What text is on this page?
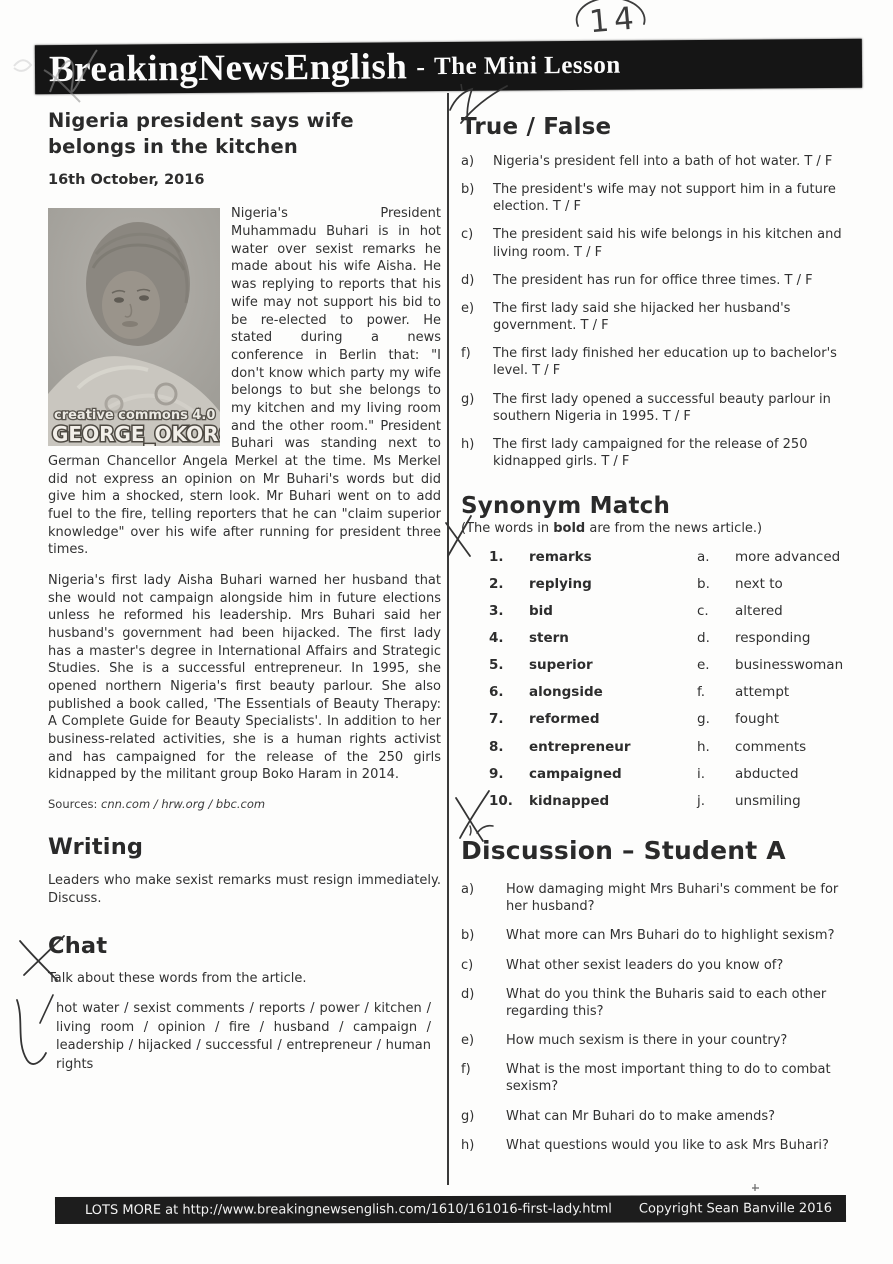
BreakingNewsEnglish - The Mini Lesson
Nigeria president says wife belongs in the kitchen
16th October, 2016
creative commons 4.0
GEORGE_OKORO

Nigeria's President Muhammadu Buhari is in hot water over sexist remarks he made about his wife Aisha. He was replying to reports that his wife may not support his bid to be re-elected to power. He stated during a news conference in Berlin that: "I don't know which party my wife belongs to but she belongs to my kitchen and my living room and the other room." President Buhari was standing next to German Chancellor Angela Merkel at the time. Ms Merkel did not express an opinion on Mr Buhari's words but did give him a shocked, stern look. Mr Buhari went on to add fuel to the fire, telling reporters that he can "claim superior knowledge" over his wife after running for president three times.

Nigeria's first lady Aisha Buhari warned her husband that she would not campaign alongside him in future elections unless he reformed his leadership. Mrs Buhari said her husband's government had been hijacked. The first lady has a master's degree in International Affairs and Strategic Studies. She is a successful entrepreneur. In 1995, she opened northern Nigeria's first beauty parlour. She also published a book called, 'The Essentials of Beauty Therapy: A Complete Guide for Beauty Specialists'. In addition to her business-related activities, she is a human rights activist and has campaigned for the release of the 250 girls kidnapped by the militant group Boko Haram in 2014.

Sources: cnn.com / hrw.org / bbc.com
Writing

Leaders who make sexist remarks must resign immediately. Discuss.

Chat

Talk about these words from the article.

hot water / sexist comments / reports / power / kitchen / living room / opinion / fire / husband / campaign / leadership / hijacked / successful / entrepreneur / human rights

True / False
a)	Nigeria's president fell into a bath of hot water. T / F
b)	The president's wife may not support him in a future election. T / F
c)	The president said his wife belongs in his kitchen and living room. T / F
d)	The president has run for office three times. T / F
e)	The first lady said she hijacked her husband's government. T / F
f)	The first lady finished her education up to bachelor's level. T / F
g)	The first lady opened a successful beauty parlour in southern Nigeria in 1995. T / F
h)	The first lady campaigned for the release of 250 kidnapped girls. T / F
Synonym Match

(The words in bold are from the news article.)

1.	remarks	a.	more advanced
2.	replying	b.	next to
3.	bid	c.	altered
4.	stern	d.	responding
5.	superior	e.	businesswoman
6.	alongside	f.	attempt
7.	reformed	g.	fought
8.	entrepreneur	h.	comments
9.	campaigned	i.	abducted
10.	kidnapped	j.	unsmiling
Discussion – Student A
a)	How damaging might Mrs Buhari's comment be for her husband?
b)	What more can Mrs Buhari do to highlight sexism?
c)	What other sexist leaders do you know of?
d)	What do you think the Buharis said to each other regarding this?
e)	How much sexism is there in your country?
f)	What is the most important thing to do to combat sexism?
g)	What can Mr Buhari do to make amends?
h)	What questions would you like to ask Mrs Buhari?
LOTS MORE at http://www.breakingnewsenglish.com/1610/161016-first-lady.html Copyright Sean Banville 2016
14
